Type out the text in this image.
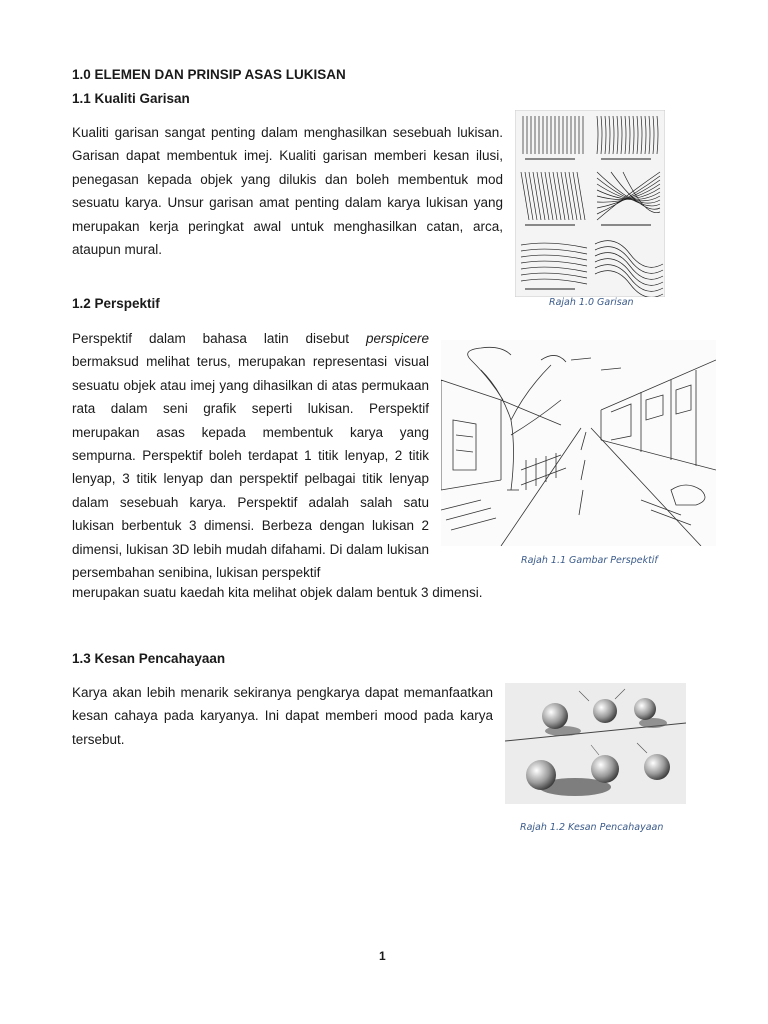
1.0 ELEMEN DAN PRINSIP ASAS LUKISAN
1.1 Kualiti Garisan
Kualiti garisan sangat penting dalam menghasilkan sesebuah lukisan. Garisan dapat membentuk imej. Kualiti garisan memberi kesan ilusi, penegasan kepada objek yang dilukis dan boleh membentuk mod sesuatu karya. Unsur garisan amat penting dalam karya lukisan yang merupakan kerja peringkat awal untuk menghasilkan catan, arca, ataupun mural.
Rajah 1.0 Garisan
1.2 Perspektif
Perspektif dalam bahasa latin disebut perspicere bermaksud melihat terus, merupakan representasi visual sesuatu objek atau imej yang dihasilkan di atas permukaan rata dalam seni grafik seperti lukisan. Perspektif merupakan asas kepada membentuk karya yang sempurna. Perspektif boleh terdapat 1 titik lenyap, 2 titik lenyap, 3 titik lenyap dan perspektif pelbagai titik lenyap dalam sesebuah karya. Perspektif adalah salah satu lukisan berbentuk 3 dimensi. Berbeza dengan lukisan 2 dimensi, lukisan 3D lebih mudah difahami. Di dalam lukisan persembahan senibina, lukisan perspektif
merupakan suatu kaedah kita melihat objek dalam bentuk 3 dimensi.
Rajah 1.1 Gambar Perspektif
1.3 Kesan Pencahayaan
Karya akan lebih menarik sekiranya pengkarya dapat memanfaatkan kesan cahaya pada karyanya. Ini dapat memberi mood pada karya tersebut.
Rajah 1.2 Kesan Pencahayaan
1
